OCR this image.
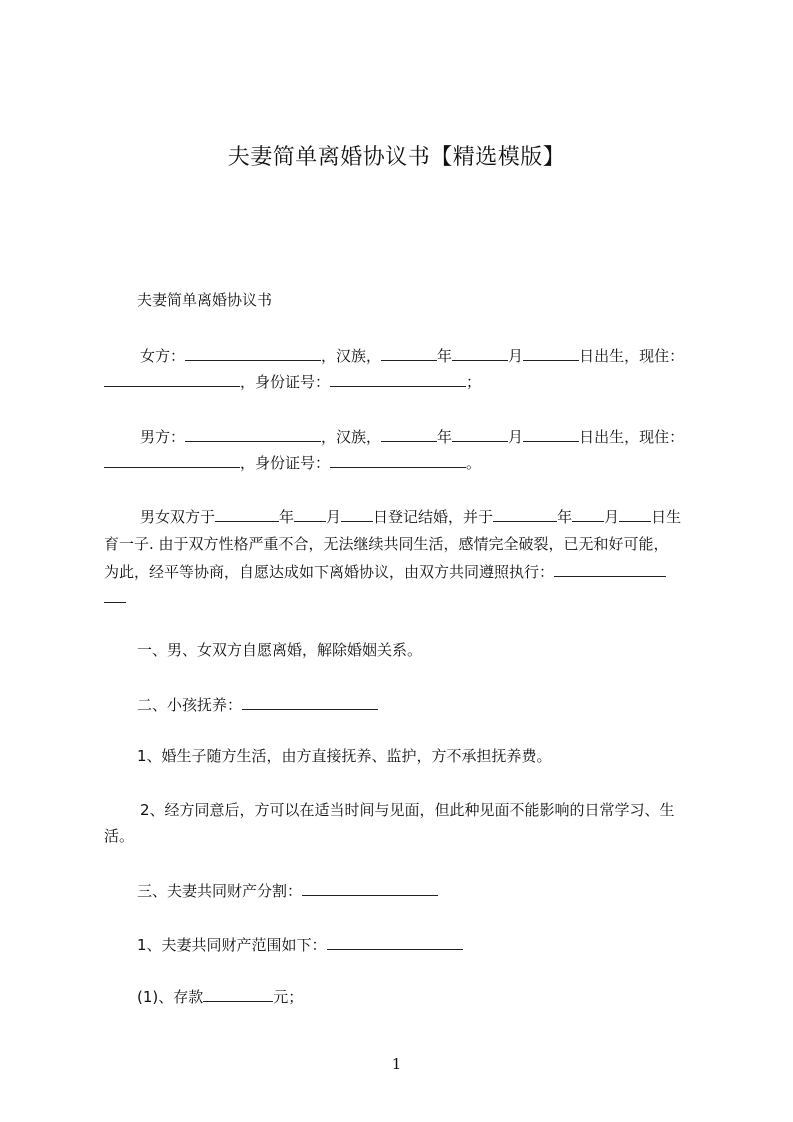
夫妻简单离婚协议书【精选模版】
夫妻简单离婚协议书
女方：	，汉族，	年	月	日出生，现住：
，身份证号：	；
男方：	，汉族，	年	月	日出生，现住：
，身份证号：	。
男女双方于	年 月 日登记结婚，并于	年 月 日生
育一子. 由于双方性格严重不合，无法继续共同生活，感情完全破裂，已无和好可能，
为此，经平等协商，自愿达成如下离婚协议，由双方共同遵照执行：
一、男、女双方自愿离婚，解除婚姻关系。
二、小孩抚养：
1、婚生子随方生活，由方直接抚养、监护，方不承担抚养费。
2、经方同意后，方可以在适当时间与见面，但此种见面不能影响的日常学习、生
活。
三、夫妻共同财产分割：
1、夫妻共同财产范围如下：
(1)、存款	元；
1
